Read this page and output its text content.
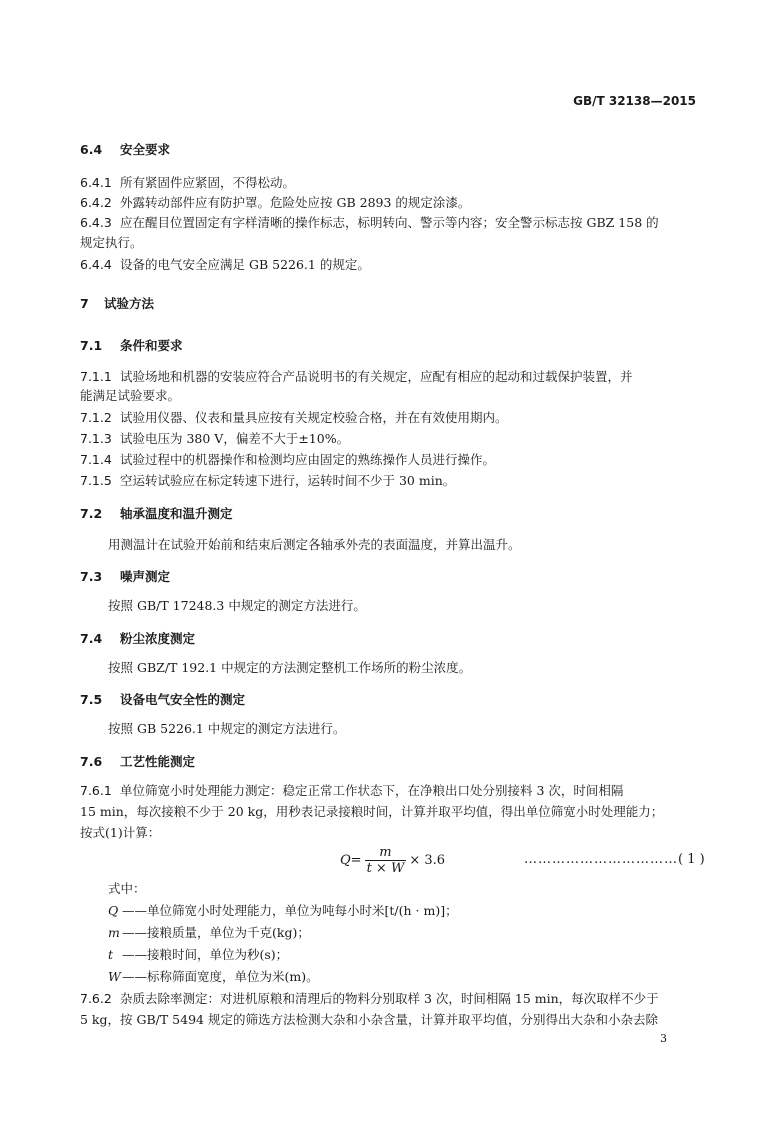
GB/T 32138—2015
6.4 安全要求
6.4.1 所有紧固件应紧固，不得松动。
6.4.2 外露转动部件应有防护罩。危险处应按 GB 2893 的规定涂漆。
6.4.3 应在醒目位置固定有字样清晰的操作标志，标明转向、警示等内容；安全警示标志按 GBZ 158 的
规定执行。
6.4.4 设备的电气安全应满足 GB 5226.1 的规定。
7 试验方法
7.1 条件和要求
7.1.1 试验场地和机器的安装应符合产品说明书的有关规定，应配有相应的起动和过载保护装置，并
能满足试验要求。
7.1.2 试验用仪器、仪表和量具应按有关规定校验合格，并在有效使用期内。
7.1.3 试验电压为 380 V，偏差不大于±10%。
7.1.4 试验过程中的机器操作和检测均应由固定的熟练操作人员进行操作。
7.1.5 空运转试验应在标定转速下进行，运转时间不少于 30 min。
7.2 轴承温度和温升测定
用测温计在试验开始前和结束后测定各轴承外壳的表面温度，并算出温升。
7.3 噪声测定
按照 GB/T 17248.3 中规定的测定方法进行。
7.4 粉尘浓度测定
按照 GBZ/T 192.1 中规定的方法测定整机工作场所的粉尘浓度。
7.5 设备电气安全性的测定
按照 GB 5226.1 中规定的测定方法进行。
7.6 工艺性能测定
7.6.1 单位筛宽小时处理能力测定：稳定正常工作状态下，在净粮出口处分别接料 3 次，时间相隔
15 min，每次接粮不少于 20 kg，用秒表记录接粮时间，计算并取平均值，得出单位筛宽小时处理能力；
按式(1)计算：
$Q= \frac{m}{t \times W} \times 3.6$	……………………………( 1 )
式中：
Q ——单位筛宽小时处理能力，单位为吨每小时米[t/(h · m)]；
m ——接粮质量，单位为千克(kg)；
t ——接粮时间，单位为秒(s)；
W——标称筛面宽度，单位为米(m)。
7.6.2 杂质去除率测定：对进机原粮和清理后的物料分别取样 3 次，时间相隔 15 min，每次取样不少于
5 kg，按 GB/T 5494 规定的筛选方法检测大杂和小杂含量，计算并取平均值，分别得出大杂和小杂去除
3
